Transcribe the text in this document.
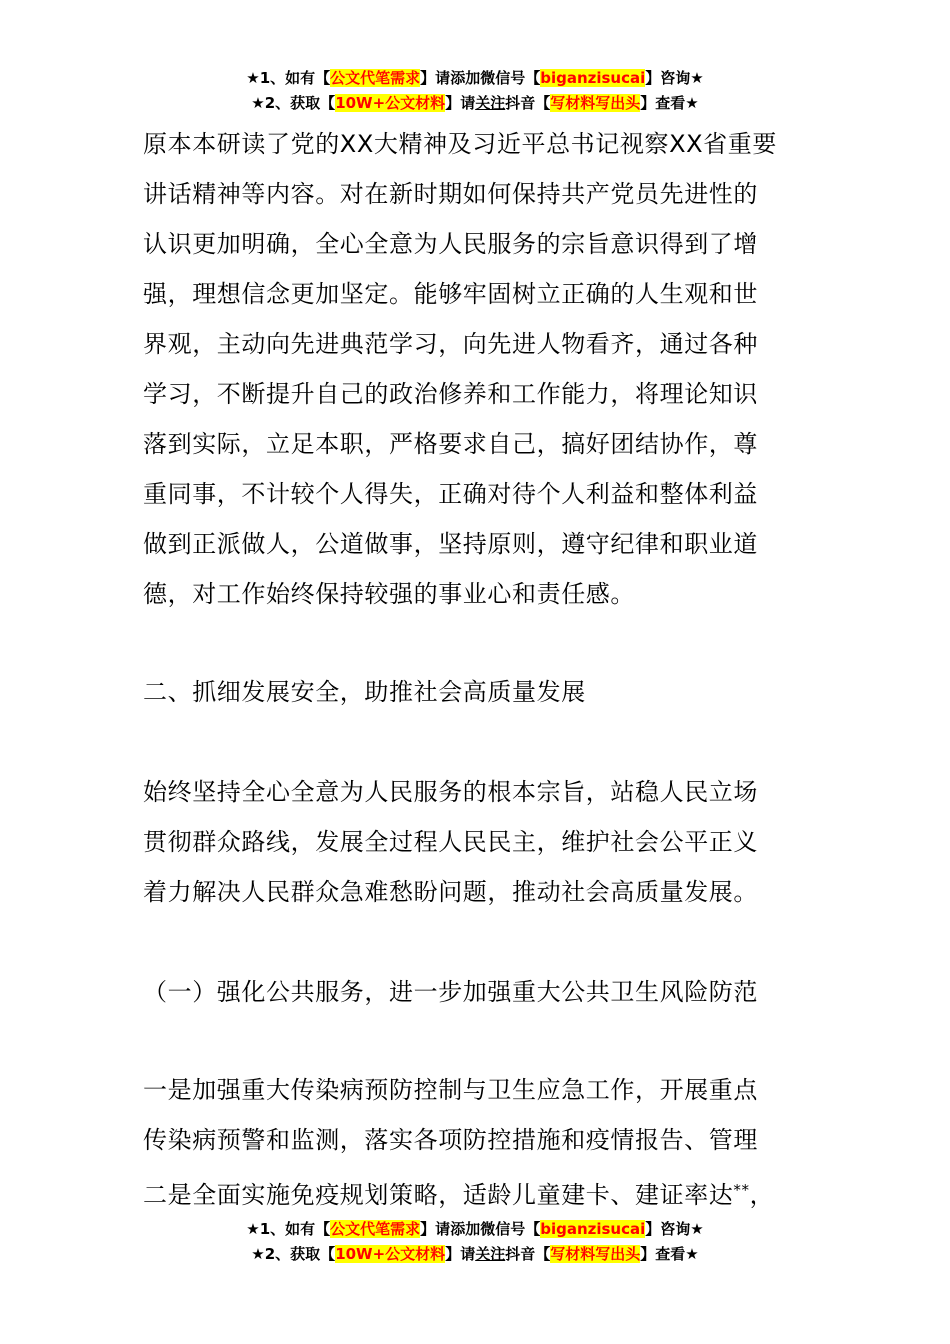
★1、如有【公文代笔需求】请添加微信号【biganzisucai】咨询★
★2、获取【10W+公文材料】请关注抖音【写材料写出头】查看★
原本本研读了党的XX大精神及习近平总书记视察XX省重要
讲话精神等内容。对在新时期如何保持共产党员先进性的
认识更加明确，全心全意为人民服务的宗旨意识得到了增
强，理想信念更加坚定。能够牢固树立正确的人生观和世
界观，主动向先进典范学习，向先进人物看齐，通过各种
学习，不断提升自己的政治修养和工作能力，将理论知识
落到实际，立足本职，严格要求自己，搞好团结协作，尊
重同事，不计较个人得失，正确对待个人利益和整体利益
做到正派做人，公道做事，坚持原则，遵守纪律和职业道
德，对工作始终保持较强的事业心和责任感。
二、抓细发展安全，助推社会高质量发展
始终坚持全心全意为人民服务的根本宗旨，站稳人民立场
贯彻群众路线，发展全过程人民民主，维护社会公平正义
着力解决人民群众急难愁盼问题，推动社会高质量发展。
（一）强化公共服务，进一步加强重大公共卫生风险防范
一是加强重大传染病预防控制与卫生应急工作，开展重点
传染病预警和监测，落实各项防控措施和疫情报告、管理
二是全面实施免疫规划策略，适龄儿童建卡、建证率达**，
★1、如有【公文代笔需求】请添加微信号【biganzisucai】咨询★
★2、获取【10W+公文材料】请关注抖音【写材料写出头】查看★
